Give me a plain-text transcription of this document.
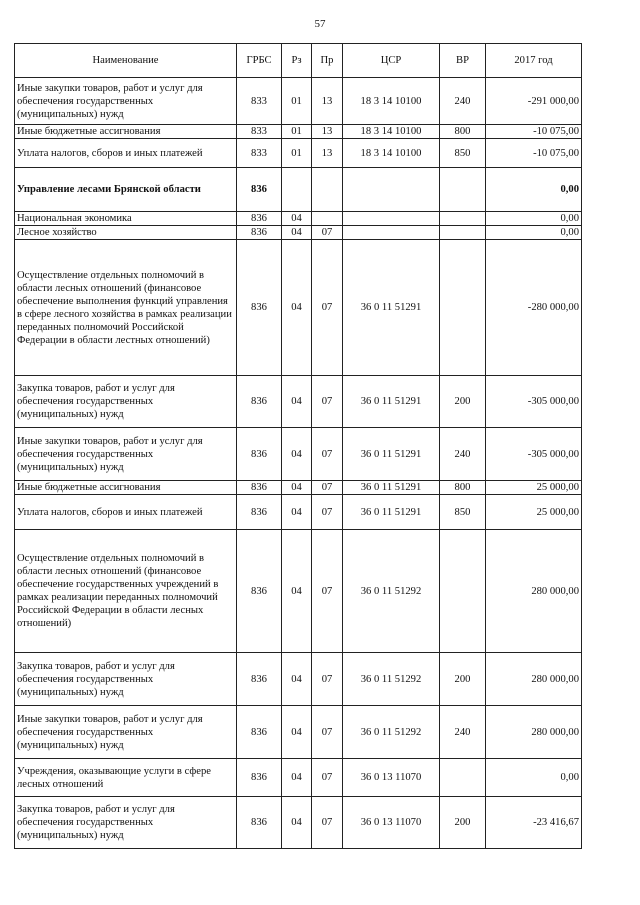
57
Наименование	ГРБС	Рз	Пр	ЦСР	ВР	2017 год
Иные закупки товаров, работ и услуг для обеспечения государственных (муниципальных) нужд	833	01	13	18 3 14 10100	240	-291 000,00
Иные бюджетные ассигнования	833	01	13	18 3 14 10100	800	-10 075,00
Уплата налогов, сборов и иных платежей	833	01	13	18 3 14 10100	850	-10 075,00
Управление лесами Брянской области	836					0,00
Национальная экономика	836	04				0,00
Лесное хозяйство	836	04	07			0,00
Осуществление отдельных полномочий в области лесных отношений (финансовое обеспечение выполнения функций управления в сфере лесного хозяйства в рамках реализации переданных полномочий Российской Федерации в области лестных отношений)	836	04	07	36 0 11 51291		-280 000,00
Закупка товаров, работ и услуг для обеспечения государственных (муниципальных) нужд	836	04	07	36 0 11 51291	200	-305 000,00
Иные закупки товаров, работ и услуг для обеспечения государственных (муниципальных) нужд	836	04	07	36 0 11 51291	240	-305 000,00
Иные бюджетные ассигнования	836	04	07	36 0 11 51291	800	25 000,00
Уплата налогов, сборов и иных платежей	836	04	07	36 0 11 51291	850	25 000,00
Осуществление отдельных полномочий в области лесных отношений (финансовое обеспечение государственных учреждений в рамках реализации переданных полномочий Российской Федерации в области лесных отношений)	836	04	07	36 0 11 51292		280 000,00
Закупка товаров, работ и услуг для обеспечения государственных (муниципальных) нужд	836	04	07	36 0 11 51292	200	280 000,00
Иные закупки товаров, работ и услуг для обеспечения государственных (муниципальных) нужд	836	04	07	36 0 11 51292	240	280 000,00
Учреждения, оказывающие услуги в сфере лесных отношений	836	04	07	36 0 13 11070		0,00
Закупка товаров, работ и услуг для обеспечения государственных (муниципальных) нужд	836	04	07	36 0 13 11070	200	-23 416,67
